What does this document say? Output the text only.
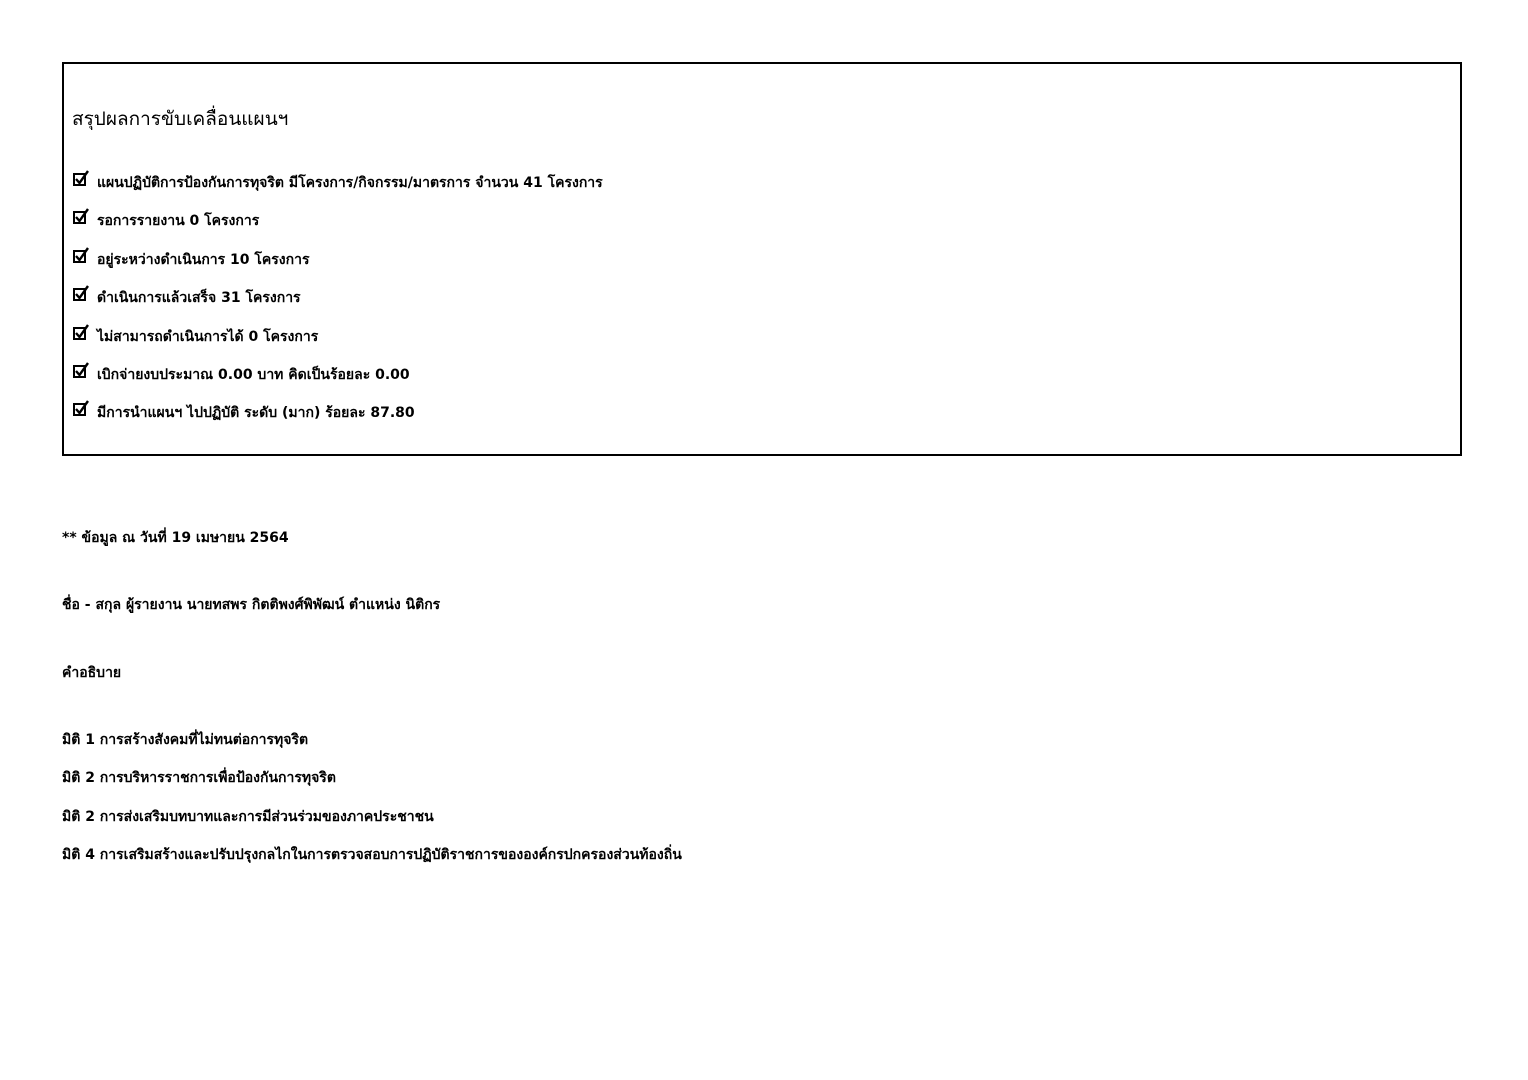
สรุปผลการขับเคลื่อนแผนฯ
แผนปฏิบัติการป้องกันการทุจริต มีโครงการ/กิจกรรม/มาตรการ จำนวน 41 โครงการ
รอการรายงาน 0 โครงการ
อยู่ระหว่างดำเนินการ 10 โครงการ
ดำเนินการแล้วเสร็จ 31 โครงการ
ไม่สามารถดำเนินการได้ 0 โครงการ
เบิกจ่ายงบประมาณ 0.00 บาท คิดเป็นร้อยละ 0.00
มีการนำแผนฯ ไปปฏิบัติ ระดับ (มาก) ร้อยละ 87.80
** ข้อมูล ณ วันที่ 19 เมษายน 2564
ชื่อ - สกุล ผู้รายงาน นายทสพร กิตติพงศ์พิพัฒน์ ตำแหน่ง นิติกร
คำอธิบาย
มิติ 1 การสร้างสังคมที่ไม่ทนต่อการทุจริต
มิติ 2 การบริหารราชการเพื่อป้องกันการทุจริต
มิติ 2 การส่งเสริมบทบาทและการมีส่วนร่วมของภาคประชาชน
มิติ 4 การเสริมสร้างและปรับปรุงกลไกในการตรวจสอบการปฏิบัติราชการขององค์กรปกครองส่วนท้องถิ่น
